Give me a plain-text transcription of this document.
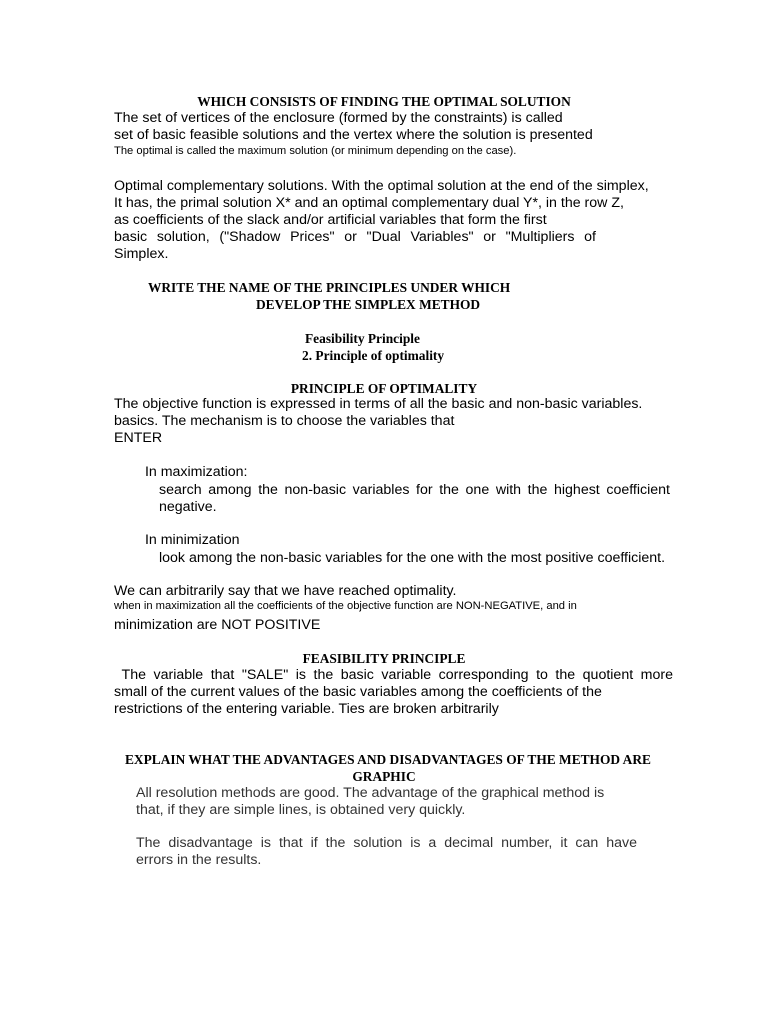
WHICH CONSISTS OF FINDING THE OPTIMAL SOLUTION
The set of vertices of the enclosure (formed by the constraints) is called
set of basic feasible solutions and the vertex where the solution is presented
The optimal is called the maximum solution (or minimum depending on the case).
Optimal complementary solutions. With the optimal solution at the end of the simplex,
It has, the primal solution X* and an optimal complementary dual Y*, in the row Z,
as coefficients of the slack and/or artificial variables that form the first
basic solution, ("Shadow Prices" or "Dual Variables" or "Multipliers of
Simplex.
WRITE THE NAME OF THE PRINCIPLES UNDER WHICH
DEVELOP THE SIMPLEX METHOD
Feasibility Principle
2. Principle of optimality
PRINCIPLE OF OPTIMALITY
The objective function is expressed in terms of all the basic and non-basic variables.
basics. The mechanism is to choose the variables that
ENTER
In maximization:
search among the non-basic variables for the one with the highest coefficient
negative.
In minimization
look among the non-basic variables for the one with the most positive coefficient.
We can arbitrarily say that we have reached optimality.
when in maximization all the coefficients of the objective function are NON-NEGATIVE, and in
minimization are NOT POSITIVE
FEASIBILITY PRINCIPLE
The variable that "SALE" is the basic variable corresponding to the quotient more
small of the current values of the basic variables among the coefficients of the
restrictions of the entering variable. Ties are broken arbitrarily
EXPLAIN WHAT THE ADVANTAGES AND DISADVANTAGES OF THE METHOD ARE
GRAPHIC
All resolution methods are good. The advantage of the graphical method is
that, if they are simple lines, is obtained very quickly.
The disadvantage is that if the solution is a decimal number, it can have
errors in the results.
